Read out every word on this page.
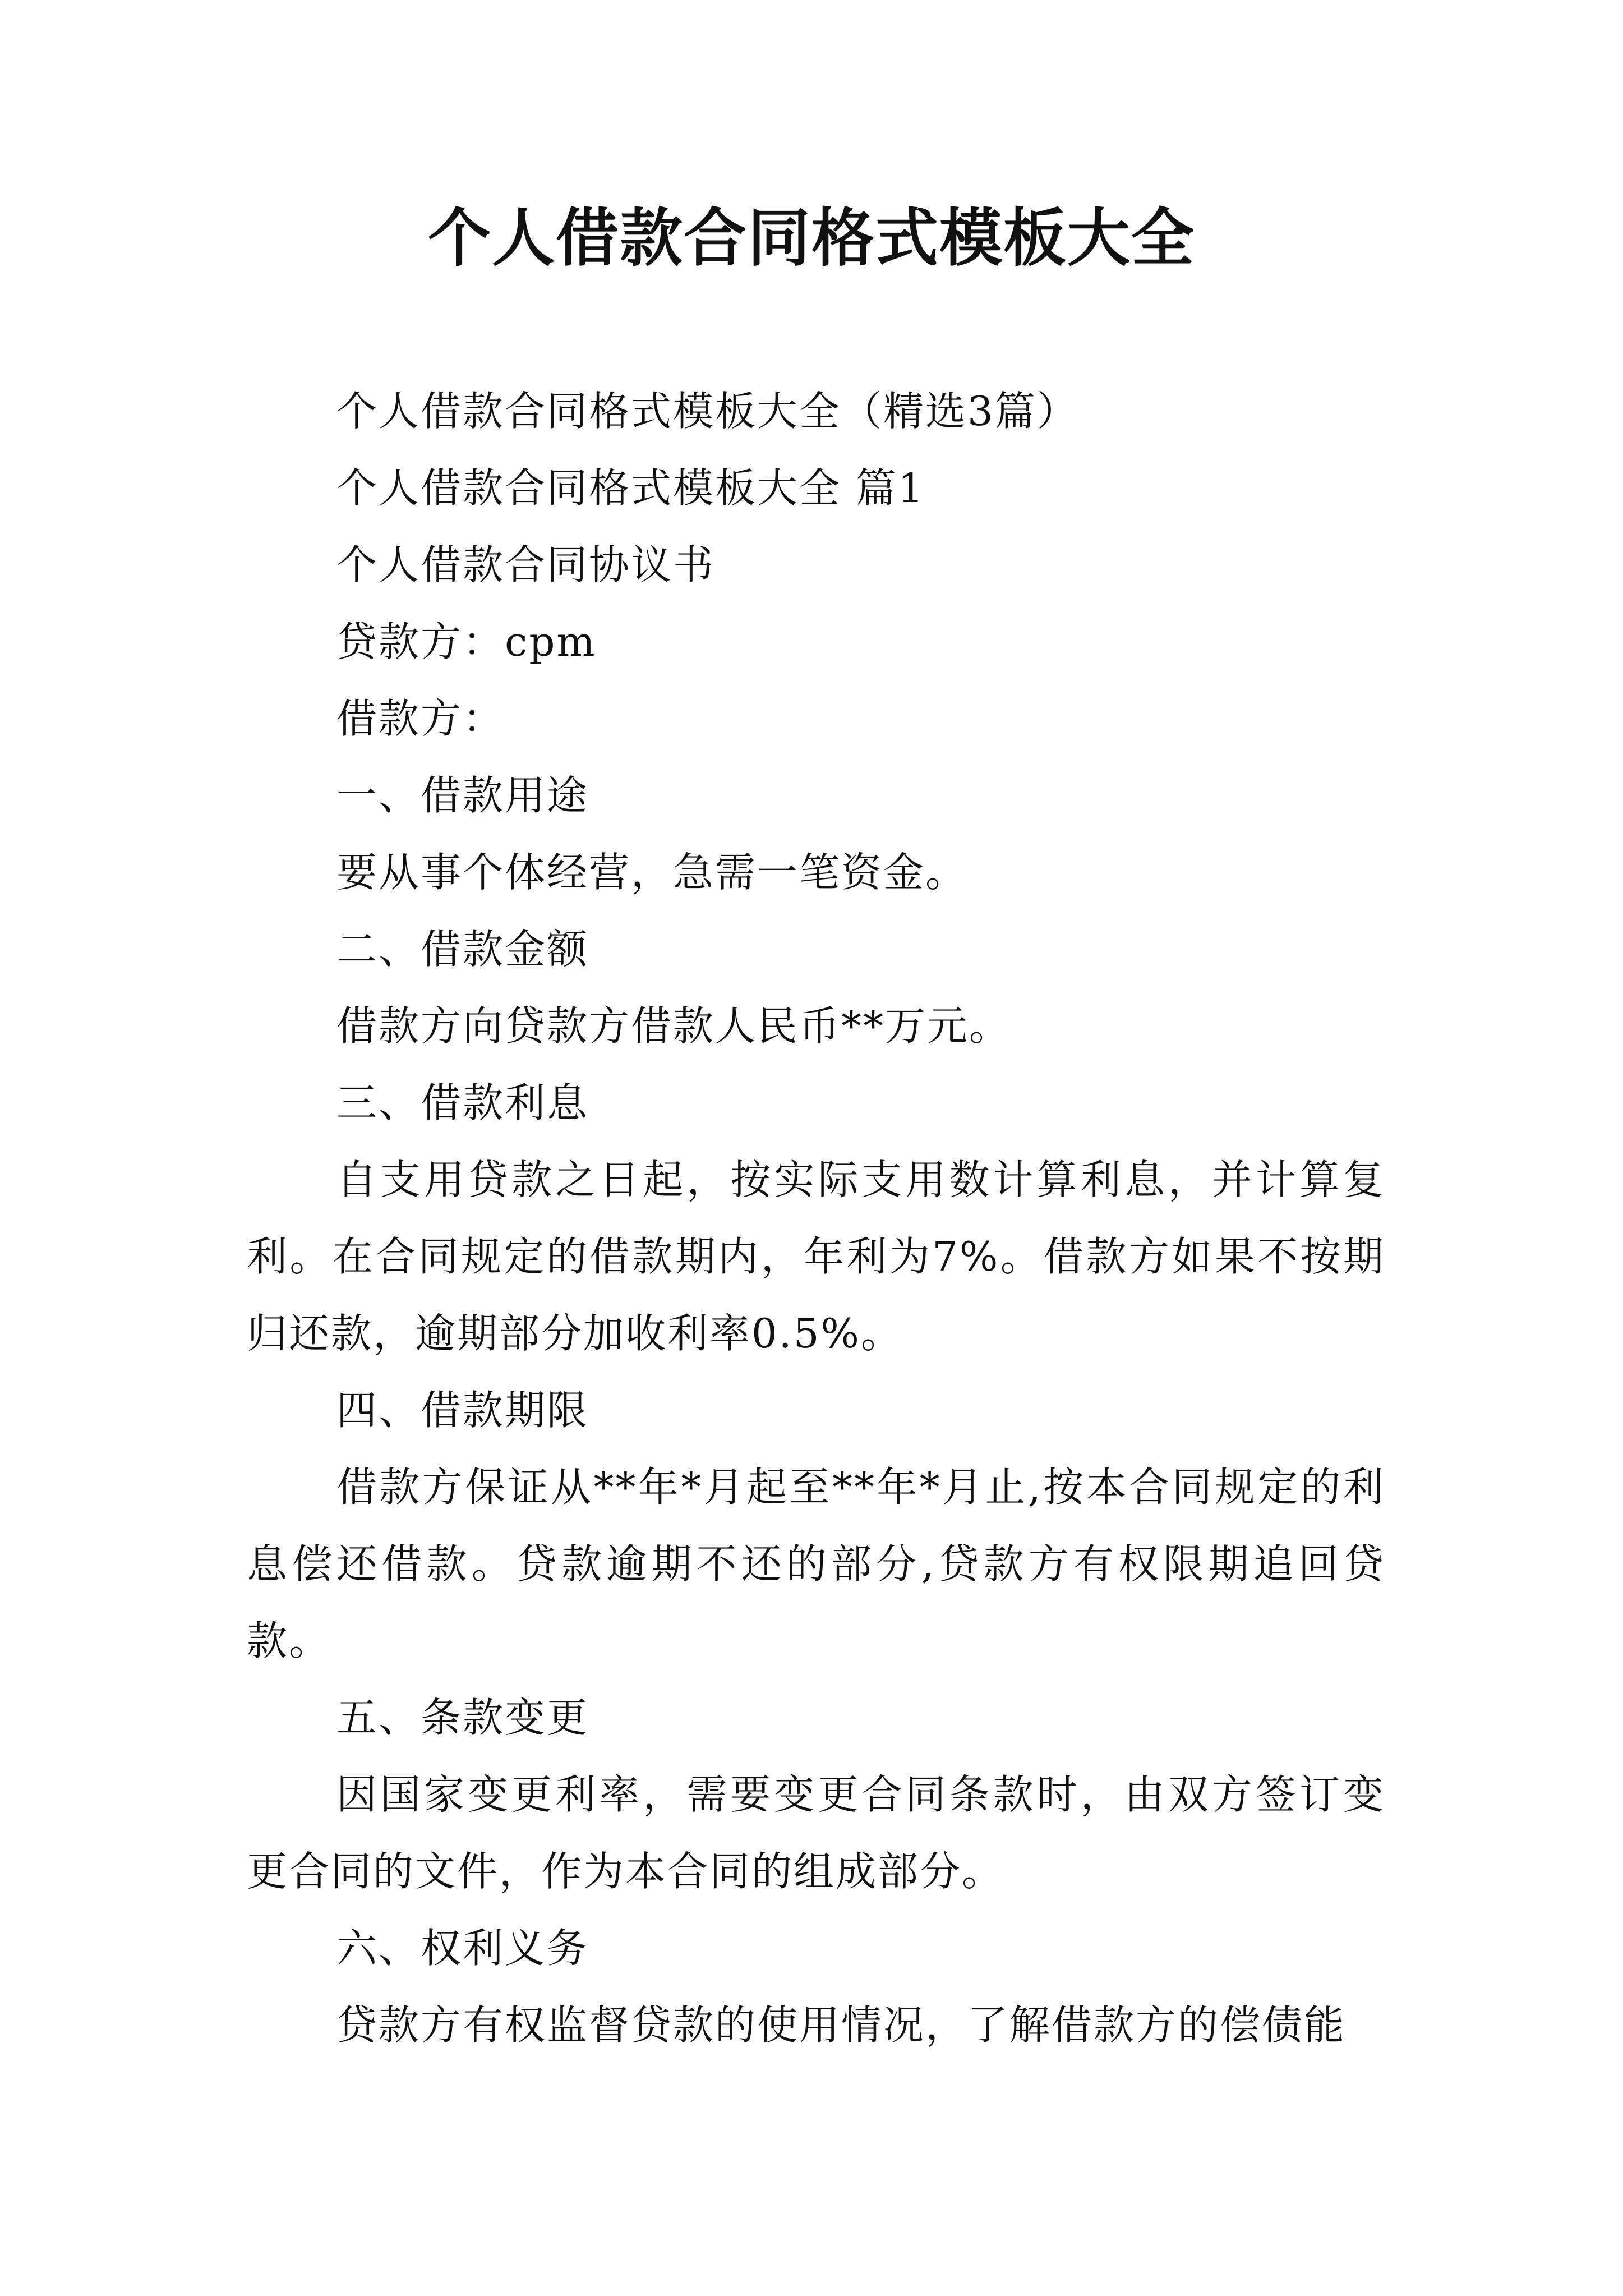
个人借款合同格式模板大全

个人借款合同格式模板大全（精选3篇）

个人借款合同格式模板大全 篇1

个人借款合同协议书

贷款方：cpm

借款方：

一、借款用途

要从事个体经营，急需一笔资金。

二、借款金额

借款方向贷款方借款人民币**万元。

三、借款利息

自支用贷款之日起，按实际支用数计算利息，并计算复利。在合同规定的借款期内，年利为7%。借款方如果不按期归还款，逾期部分加收利率0.5%。

四、借款期限

借款方保证从**年*月起至**年*月止,按本合同规定的利息偿还借款。贷款逾期不还的部分,贷款方有权限期追回贷款。

五、条款变更

因国家变更利率，需要变更合同条款时，由双方签订变更合同的文件，作为本合同的组成部分。

六、权利义务

贷款方有权监督贷款的使用情况，了解借款方的偿债能
